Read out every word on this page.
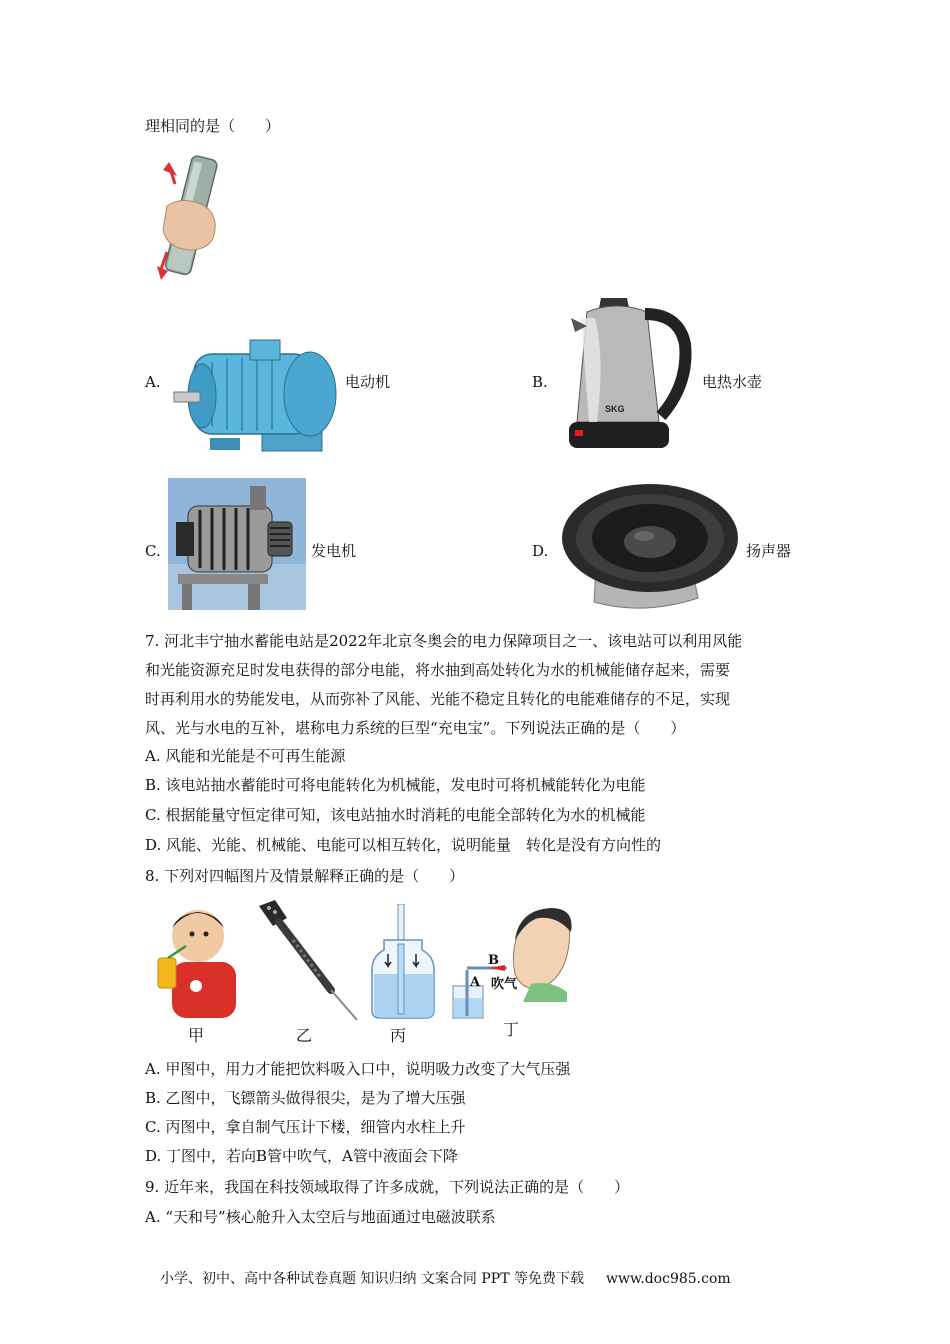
理相同的是（　　）
A.	电动机	B.
SKG
电热水壶
C.	发电机	D.	扬声器
7. 河北丰宁抽水蓄能电站是2022年北京冬奥会的电力保障项目之一、该电站可以利用风能
和光能资源充足时发电获得的部分电能，将水抽到高处转化为水的机械能储存起来，需要
时再利用水的势能发电，从而弥补了风能、光能不稳定且转化的电能难储存的不足，实现
风、光与水电的互补，堪称电力系统的巨型“充电宝”。下列说法正确的是（　　）
A. 风能和光能是不可再生能源
B. 该电站抽水蓄能时可将电能转化为机械能，发电时可将机械能转化为电能
C. 根据能量守恒定律可知，该电站抽水时消耗的电能全部转化为水的机械能
D. 风能、光能、机械能、电能可以相互转化，说明能量　转化是没有方向性的
8. 下列对四幅图片及情景解释正确的是（　　）
甲	乙	丙
B
A 吹气
丁
A. 甲图中，用力才能把饮料吸入口中，说明吸力改变了大气压强
B. 乙图中，飞镖箭头做得很尖，是为了增大压强
C. 丙图中，拿自制气压计下楼，细管内水柱上升
D. 丁图中，若向B管中吹气，A管中液面会下降
9. 近年来，我国在科技领域取得了许多成就，下列说法正确的是（　　）
A. “天和号”核心舱升入太空后与地面通过电磁波联系
小学、初中、高中各种试卷真题 知识归纳 文案合同 PPT 等免费下载 www.doc985.com
